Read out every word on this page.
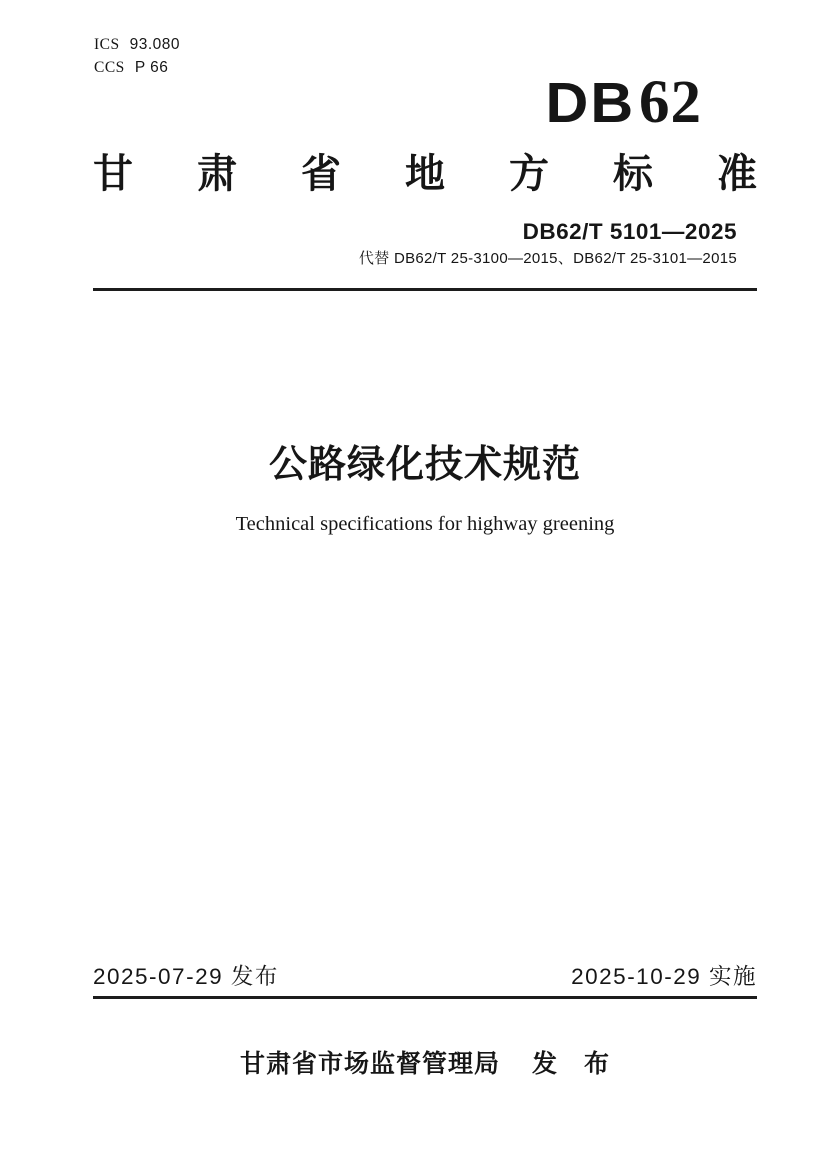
ICS 93.080
CCS P 66
DB 62
甘 肃 省 地 方 标 准
DB62/T 5101—2025
代替 DB62/T 25-3100—2015、DB62/T 25-3101—2015
公路绿化技术规范
Technical specifications for highway greening
2025-07-29 发布	2025-10-29 实施
甘肃省市场监督管理局 发　布
